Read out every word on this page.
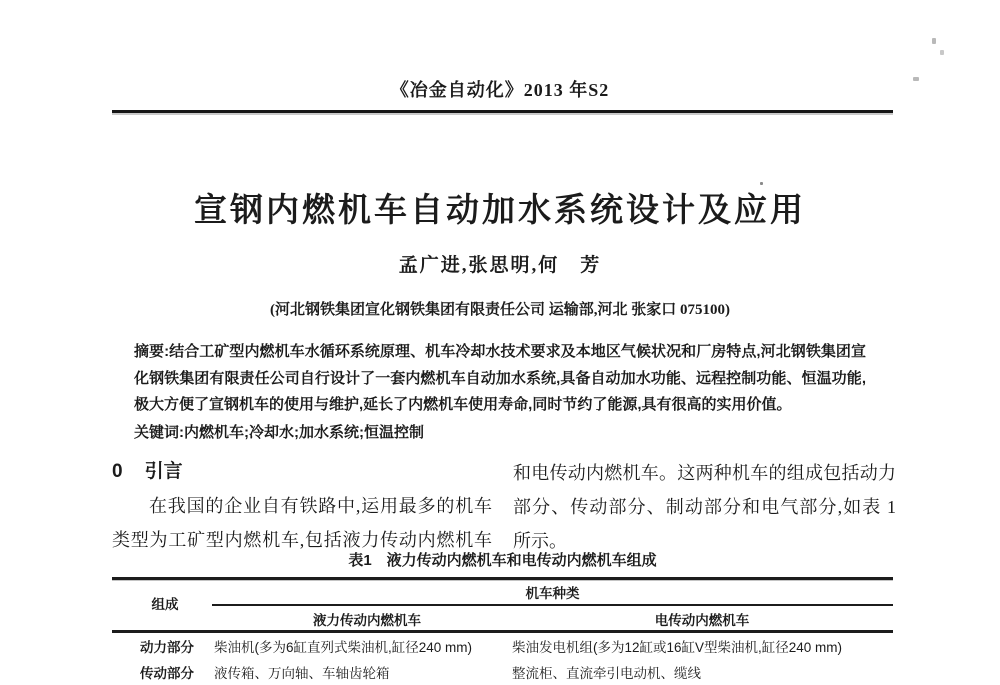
《冶金自动化》2013 年S2
宣钢内燃机车自动加水系统设计及应用
孟广进,张思明,何　芳
(河北钢铁集团宣化钢铁集团有限责任公司 运输部,河北 张家口 075100)

摘要:结合工矿型内燃机车水循环系统原理、机车冷却水技术要求及本地区气候状况和厂房特点,河北钢铁集团宣化钢铁集团有限责任公司自行设计了一套内燃机车自动加水系统,具备自动加水功能、远程控制功能、恒温功能,极大方便了宣钢机车的使用与维护,延长了内燃机车使用寿命,同时节约了能源,具有很高的实用价值。

关键词:内燃机车;冷却水;加水系统;恒温控制

0 引言
在我国的企业自有铁路中,运用最多的机车
类型为工矿型内燃机车,包括液力传动内燃机车
和电传动内燃机车。这两种机车的组成包括动力
部分、传动部分、制动部分和电气部分,如表 1
所示。
表1　液力传动内燃机车和电传动内燃机车组成
组成
机车种类
液力传动内燃机车	电传动内燃机车
动力部分	柴油机(多为6缸直列式柴油机,缸径240 mm)	柴油发电机组(多为12缸或16缸V型柴油机,缸径240 mm)
传动部分	液传箱、万向轴、车轴齿轮箱	整流柜、直流牵引电动机、缆线
